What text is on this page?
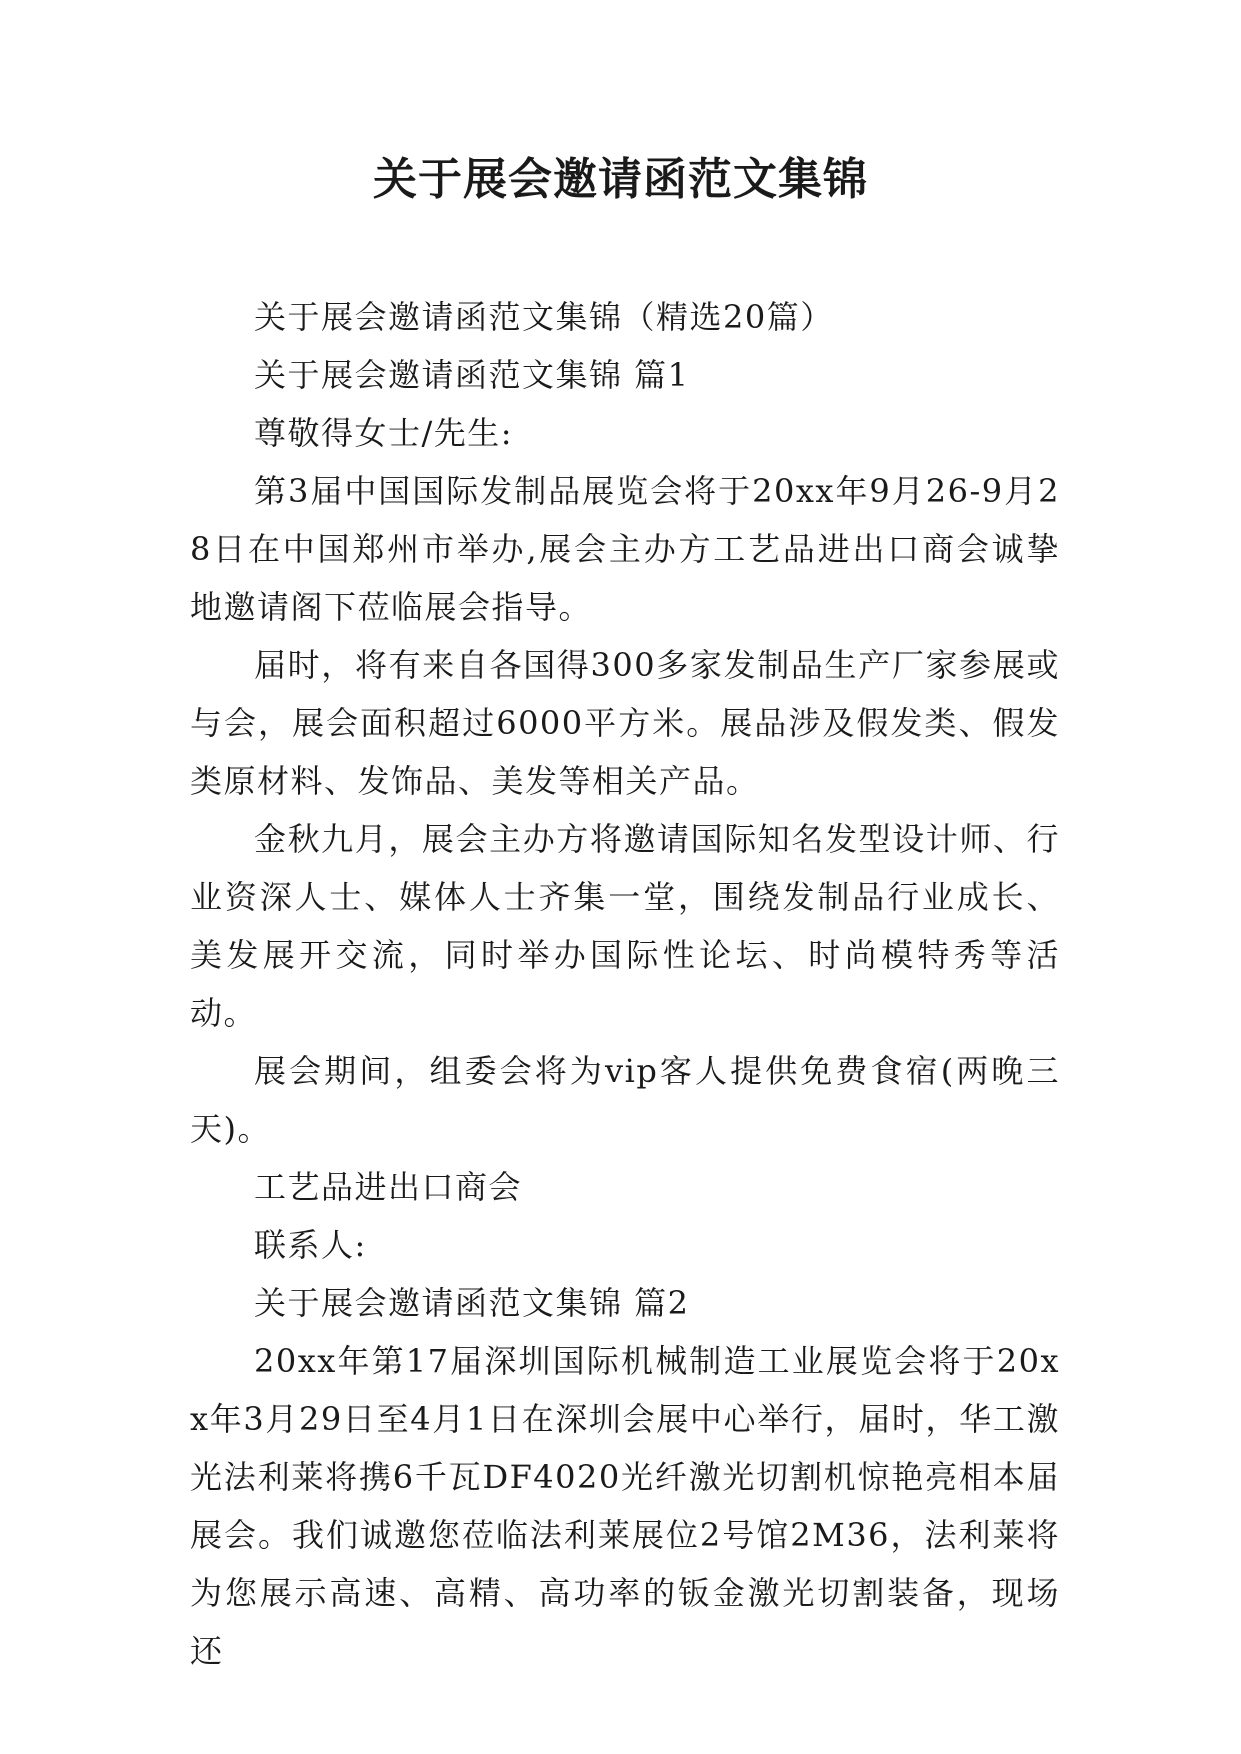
关于展会邀请函范文集锦

关于展会邀请函范文集锦（精选20篇）

关于展会邀请函范文集锦 篇1

尊敬得女士/先生:

第3届中国国际发制品展览会将于20xx年9月26-9月28日在中国郑州市举办,展会主办方工艺品进出口商会诚挚地邀请阁下莅临展会指导。

届时，将有来自各国得300多家发制品生产厂家参展或与会，展会面积超过6000平方米。展品涉及假发类、假发类原材料、发饰品、美发等相关产品。

金秋九月，展会主办方将邀请国际知名发型设计师、行业资深人士、媒体人士齐集一堂，围绕发制品行业成长、美发展开交流，同时举办国际性论坛、时尚模特秀等活动。

展会期间，组委会将为vip客人提供免费食宿(两晚三天)。

工艺品进出口商会

联系人:

关于展会邀请函范文集锦 篇2

20xx年第17届深圳国际机械制造工业展览会将于20xx年3月29日至4月1日在深圳会展中心举行，届时，华工激光法利莱将携6千瓦DF4020光纤激光切割机惊艳亮相本届展会。我们诚邀您莅临法利莱展位2号馆2M36，法利莱将为您展示高速、高精、高功率的钣金激光切割装备，现场还
